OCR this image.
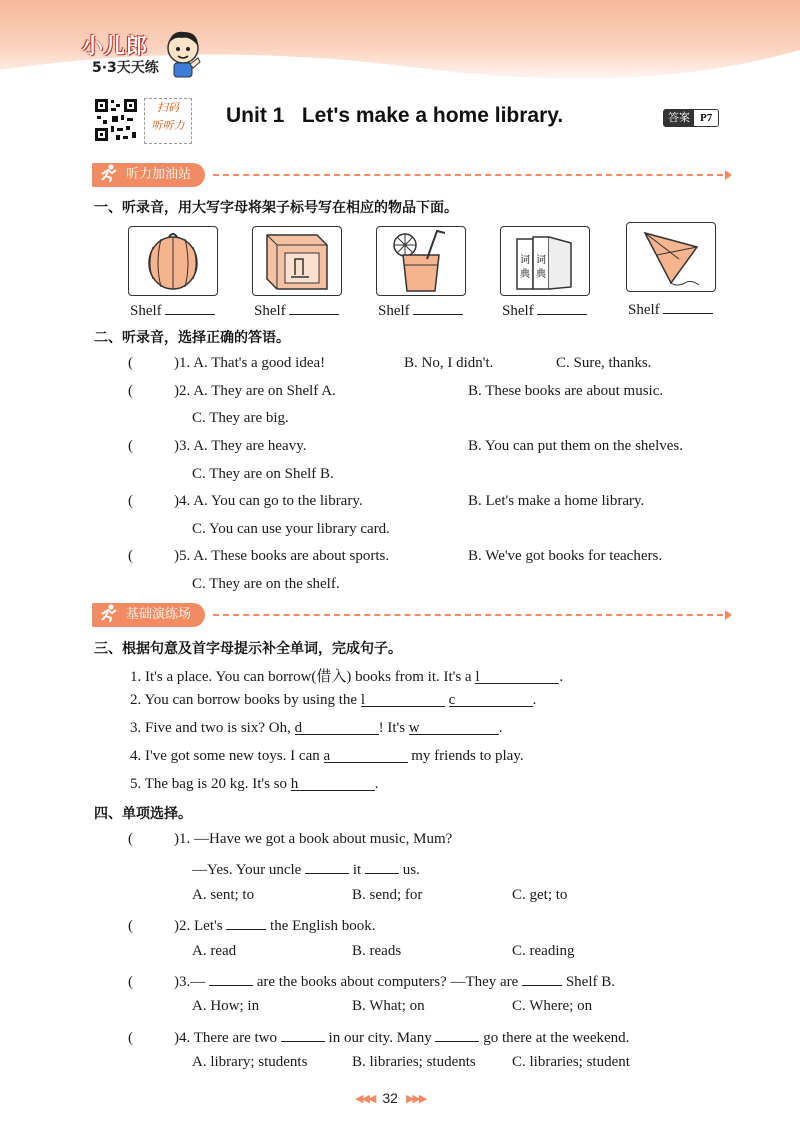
小儿郎
5·3天天练
扫码
听听力	Unit 1   Let's make a home library.	答案 P7
听力加油站
一、听录音，用大写字母将架子标号写在相应的物品下面。
词
典
词
典
Shelf	Shelf	Shelf	Shelf	Shelf
二、听录音，选择正确的答语。
(	)1. A. That's a good idea!	B. No, I didn't.	C. Sure, thanks.
(	)2. A. They are on Shelf A.	B. These books are about music.
C. They are big.
(	)3. A. They are heavy.	B. You can put them on the shelves.
C. They are on Shelf B.
(	)4. A. You can go to the library.	B. Let's make a home library.
C. You can use your library card.
(	)5. A. These books are about sports.	B. We've got books for teachers.
C. They are on the shelf.
基础演练场
三、根据句意及首字母提示补全单词，完成句子。
1. It's a place. You can borrow(借入) books from it. It's a l	.
2. You can borrow books by using the l	c	.
3. Five and two is six? Oh, d	! It's w	.
4. I've got some new toys. I can a	my friends to play.
5. The bag is 20 kg. It's so h	.
四、单项选择。
(	)1. —Have we got a book about music, Mum?
—Yes. Your uncle	it	us.
A. sent; to	B. send; for	C. get; to
(	)2. Let's	the English book.
A. read	B. reads	C. reading
(	)3.—	are the books about computers? —They are	Shelf B.
A. How; in	B. What; on	C. Where; on
(	)4. There are two	in our city. Many	go there at the weekend.
A. library; students	B. libraries; students C. libraries; student
◀◀◀ 32 ▶▶▶
